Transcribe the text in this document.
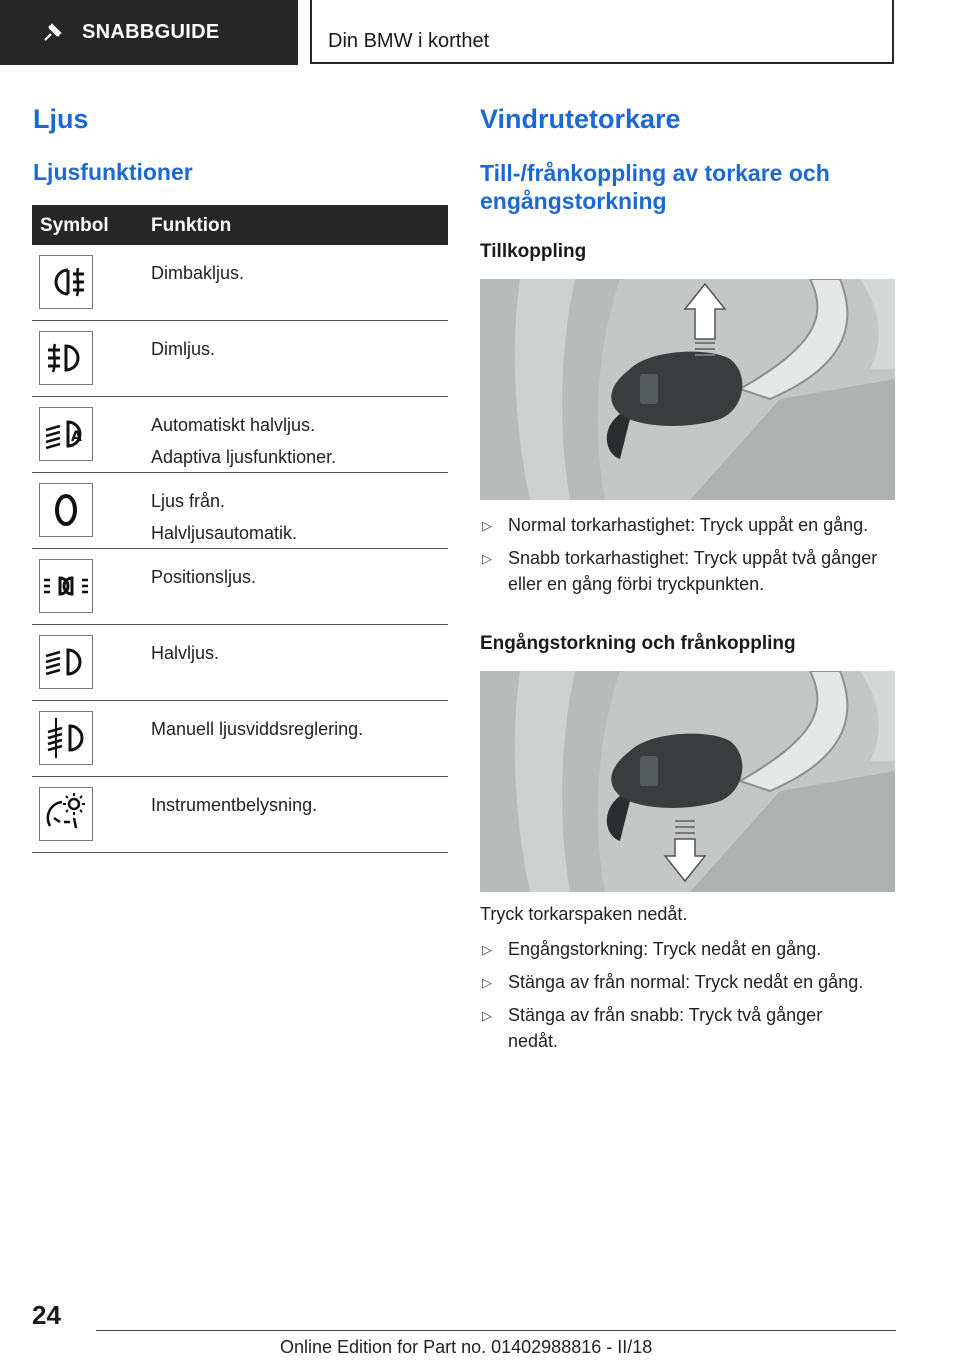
SNABBGUIDE	Din BMW i korthet
Ljus
Ljusfunktioner
Symbol Funktion
Dimbakljus.
Dimljus.
A
Automatiskt halvljus.
Adaptiva ljusfunktioner.
Ljus från.
Halvljusautomatik.
Positionsljus.
Halvljus.
Manuell ljusviddsreglering.
Instrumentbelysning.
Vindrutetorkare
Till-/frånkoppling av torkare och
engångstorkning
Tillkoppling
▷ Normal torkarhastighet: Tryck uppåt en gång.
▷ Snabb torkarhastighet: Tryck uppåt två gånger eller en gång förbi tryckpunkten.
Engångstorkning och frånkoppling
Tryck torkarspaken nedåt.
▷ Engångstorkning: Tryck nedåt en gång.
▷ Stänga av från normal: Tryck nedåt en gång.
▷ Stänga av från snabb: Tryck två gånger nedåt.
24
Online Edition for Part no. 01402988816 - II/18
